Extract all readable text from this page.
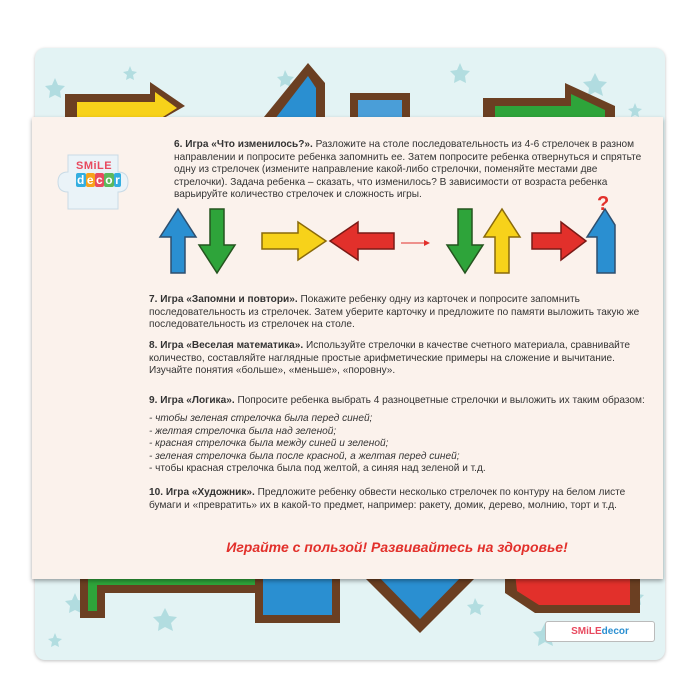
SMiLE
d e c o r

6. Игра «Что изменилось?». Разложите на столе последовательность из 4-6 стрелочек в разном направлении и попросите ребенка запомнить ее. Затем попросите ребенка отвернуться и спрятьте одну из стрелочек (измените направление какой-либо стрелочки, поменяйте местами две стрелочки). Задача ребенка – сказать, что изменилось? В зависимости от возраста ребенка варьируйте количество стрелочек и сложность игры.	?

7. Игра «Запомни и повтори». Покажите ребенку одну из карточек и попросите запомнить последовательность из стрелочек. Затем уберите карточку и предложите по памяти выложить такую же последовательность из стрелочек на столе.

8. Игра «Веселая математика». Используйте стрелочки в качестве счетного материала, сравнивайте количество, составляйте наглядные простые арифметические примеры на сложение и вычитание. Изучайте понятия «больше», «меньше», «поровну».

9. Игра «Логика». Попросите ребенка выбрать 4 разноцветные стрелочки и выложить их таким образом:

- чтобы зеленая стрелочка была перед синей;
- желтая стрелочка была над зеленой;
- красная стрелочка была между синей и зеленой;
- зеленая стрелочка была после красной, а желтая перед синей;
- чтобы красная стрелочка была под желтой, а синяя над зеленой и т.д.

10. Игра «Художник». Предложите ребенку обвести несколько стрелочек по контуру на белом листе бумаги и «превратить» их в какой-то предмет, например: ракету, домик, дерево, молнию, торт и т.д.

Играйте с пользой! Развивайтесь на здоровье!
SMiLEdecor
